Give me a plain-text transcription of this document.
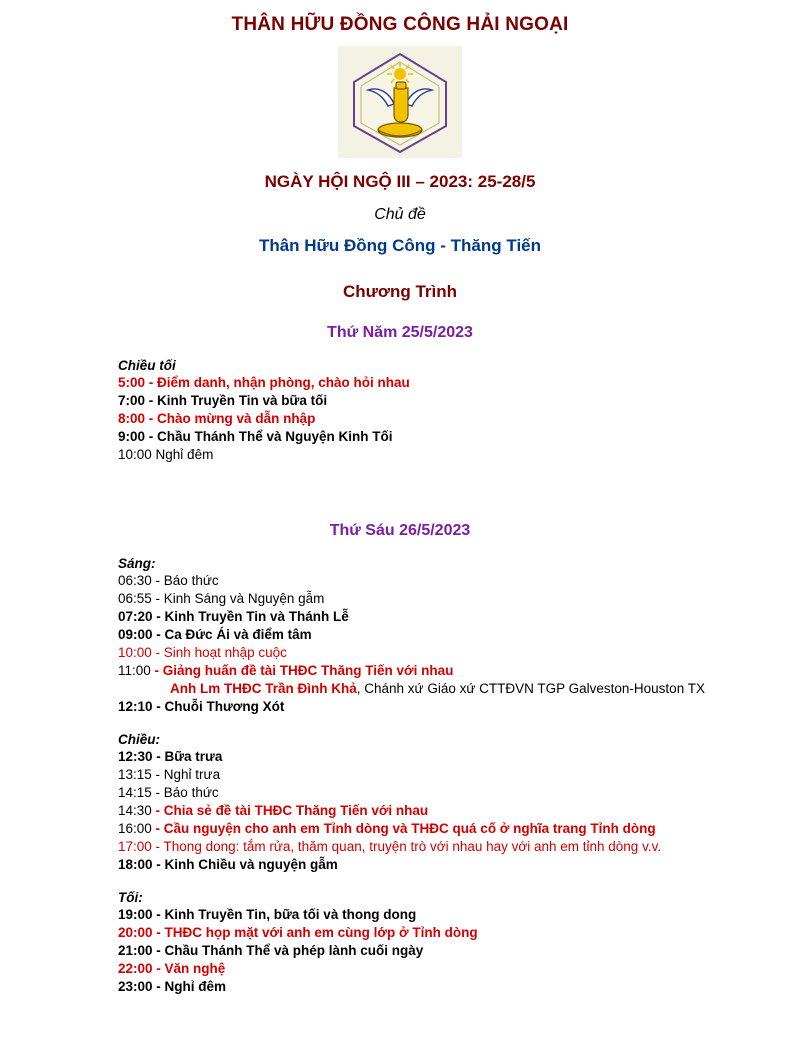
THÂN HỮU ĐỒNG CÔNG HẢI NGOẠI
NGÀY HỘI NGỘ III – 2023: 25-28/5
Chủ đề
Thân Hữu Đồng Công - Thăng Tiến
Chương Trình
Thứ Năm 25/5/2023
Chiều tối
5:00 - Điểm danh, nhận phòng, chào hỏi nhau
7:00 - Kinh Truyền Tin và bữa tối
8:00 - Chào mừng và dẫn nhập
9:00 - Chầu Thánh Thể và Nguyện Kinh Tối
10:00 Nghỉ đêm
Thứ Sáu 26/5/2023
Sáng:
06:30 - Báo thức
06:55 - Kinh Sáng và Nguyện gẫm
07:20 - Kinh Truyền Tin và Thánh Lễ
09:00 - Ca Đức Ái và điểm tâm
10:00 - Sinh hoạt nhập cuộc
11:00 - Giảng huấn đề tài THĐC Thăng Tiến với nhau
Anh Lm THĐC Trần Đình Khả, Chánh xứ Giáo xứ CTTĐVN TGP Galveston-Houston TX
12:10 - Chuỗi Thương Xót
Chiều:
12:30 - Bữa trưa
13:15 - Nghỉ trưa
14:15 - Báo thức
14:30 - Chia sẻ đề tài THĐC Thăng Tiến với nhau
16:00 - Cầu nguyện cho anh em Tỉnh dòng và THĐC quá cố ở nghĩa trang Tỉnh dòng
17:00 - Thong dong: tắm rửa, thăm quan, truyện trò với nhau hay với anh em tỉnh dòng v.v.
18:00 - Kinh Chiều và nguyện gẫm
Tối:
19:00 - Kinh Truyền Tin, bữa tối và thong dong
20:00 - THĐC họp mặt với anh em cùng lớp ở Tỉnh dòng
21:00 - Chầu Thánh Thể và phép lành cuối ngày
22:00 - Văn nghệ
23:00 - Nghỉ đêm
